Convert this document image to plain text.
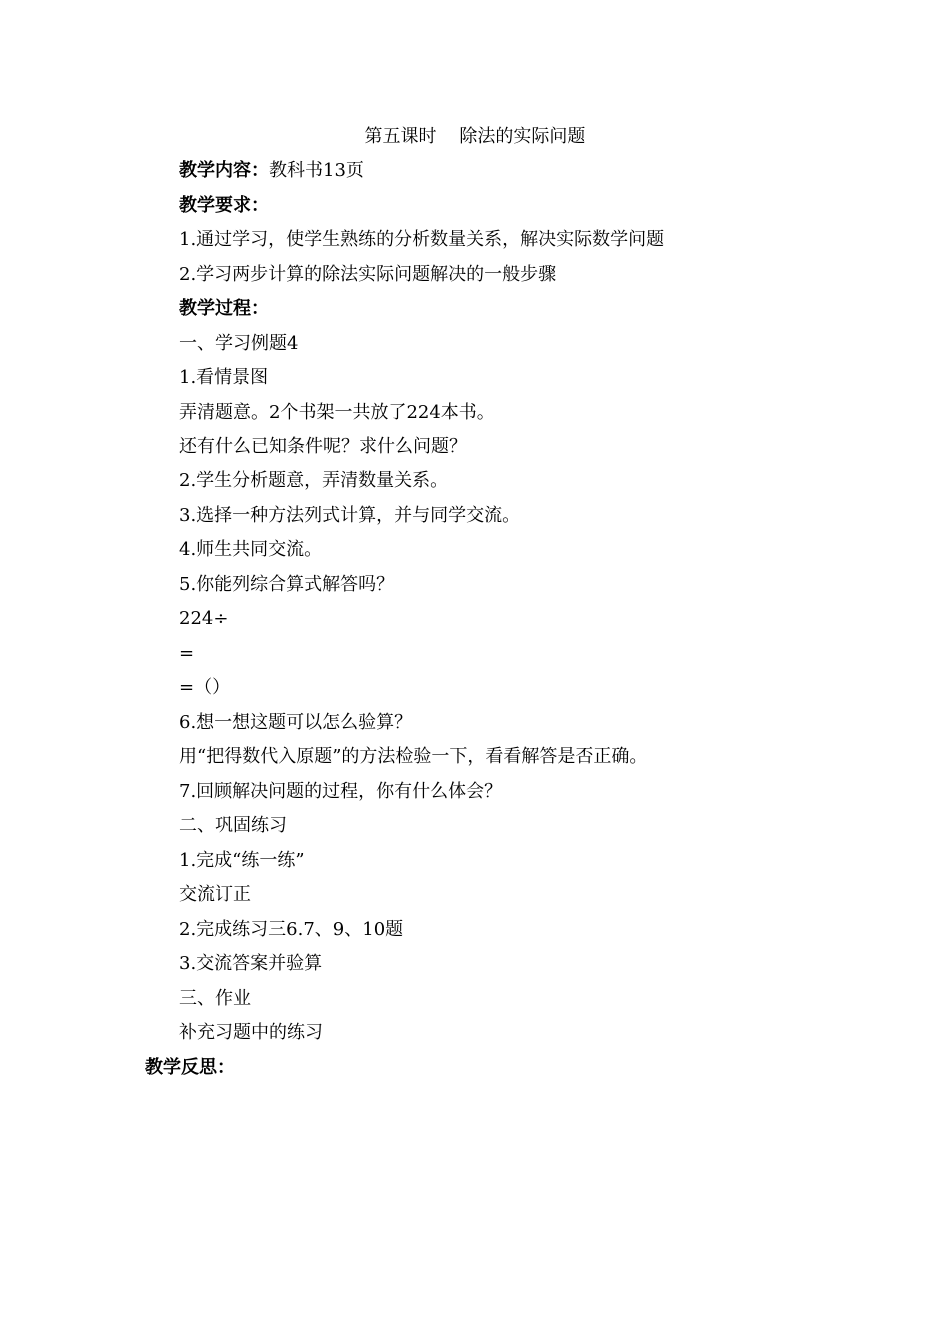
第五课时    除法的实际问题
教学内容：教科书13页
教学要求：
1.通过学习，使学生熟练的分析数量关系，解决实际数学问题
2.学习两步计算的除法实际问题解决的一般步骤
教学过程：
一、学习例题4
1.看情景图
弄清题意。2个书架一共放了224本书。
还有什么已知条件呢？求什么问题？
2.学生分析题意，弄清数量关系。
3.选择一种方法列式计算，并与同学交流。
4.师生共同交流。
5.你能列综合算式解答吗？
224÷
=
=（）
6.想一想这题可以怎么验算？
用“把得数代入原题”的方法检验一下，看看解答是否正确。
7.回顾解决问题的过程，你有什么体会？
二、巩固练习
1.完成“练一练”
交流订正
2.完成练习三6.7、9、10题
3.交流答案并验算
三、作业
补充习题中的练习
教学反思：
